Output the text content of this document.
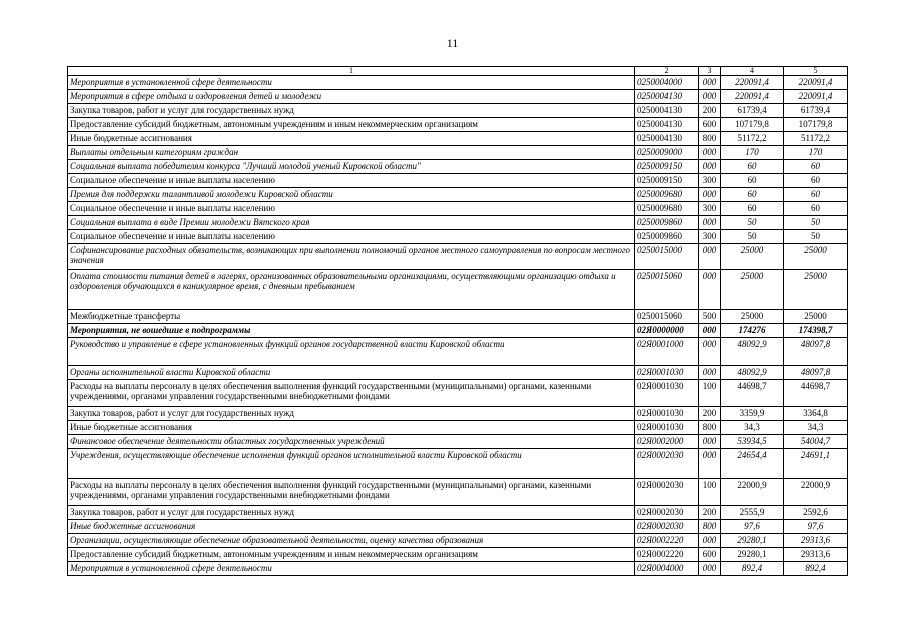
11
1	2	3	4	5
Мероприятия в установленной сфере деятельности	0250004000	000	220091,4	220091,4
Мероприятия в сфере отдыха и оздоровления детей и молодежи	0250004130	000	220091,4	220091,4
Закупка товаров, работ и услуг для государственных нужд	0250004130	200	61739,4	61739,4
Предоставление субсидий бюджетным, автономным учреждениям и иным некоммерческим организациям	0250004130	600	107179,8	107179,8
Иные бюджетные ассигнования	0250004130	800	51172,2	51172,2
Выплаты отдельным категориям граждан	0250009000	000	170	170
Социальная выплата победителям конкурса "Лучший молодой ученый Кировской области"	0250009150	000	60	60
Социальное обеспечение и иные выплаты населению	0250009150	300	60	60
Премия для поддержки талантливой молодежи Кировской области	0250009680	000	60	60
Социальное обеспечение и иные выплаты населению	0250009680	300	60	60
Социальная выплата в виде Премии молодежи Вятского края	0250009860	000	50	50
Социальное обеспечение и иные выплаты населению	0250009860	300	50	50
Софинансирование расходных обязательств, возникающих при выполнении полномочий органов местного самоуправления по вопросам местного значения	0250015000	000	25000	25000
Оплата стоимости питания детей в лагерях, организованных образовательными организациями, осуществляющими организацию отдыха и оздоровления обучающихся в каникулярное время, с дневным пребыванием	0250015060	000	25000	25000
Межбюджетные трансферты	0250015060	500	25000	25000
Мероприятия, не вошедшие в подпрограммы	02Я0000000	000	174276	174398,7
Руководство и управление в сфере установленных функций органов государственной власти Кировской области	02Я0001000	000	48092,9	48097,8
Органы исполнительной власти Кировской области	02Я0001030	000	48092,9	48097,8
Расходы на выплаты персоналу в целях обеспечения выполнения функций государственными (муниципальными) органами, казенными учреждениями, органами управления государственными внебюджетными фондами	02Я0001030	100	44698,7	44698,7
Закупка товаров, работ и услуг для государственных нужд	02Я0001030	200	3359,9	3364,8
Иные бюджетные ассигнования	02Я0001030	800	34,3	34,3
Финансовое обеспечение деятельности областных государственных учреждений	02Я0002000	000	53934,5	54004,7
Учреждения, осуществляющие обеспечение исполнения функций органов исполнительной власти Кировской области	02Я0002030	000	24654,4	24691,1
Расходы на выплаты персоналу в целях обеспечения выполнения функций государственными (муниципальными) органами, казенными учреждениями, органами управления государственными внебюджетными фондами	02Я0002030	100	22000,9	22000,9
Закупка товаров, работ и услуг для государственных нужд	02Я0002030	200	2555,9	2592,6
Иные бюджетные ассигнования	02Я0002030	800	97,6	97,6
Организации, осуществляющие обеспечение образовательной деятельности, оценку качества образования	02Я0002220	000	29280,1	29313,6
Предоставление субсидий бюджетным, автономным учреждениям и иным некоммерческим организациям	02Я0002220	600	29280,1	29313,6
Мероприятия в установленной сфере деятельности	02Я0004000	000	892,4	892,4
